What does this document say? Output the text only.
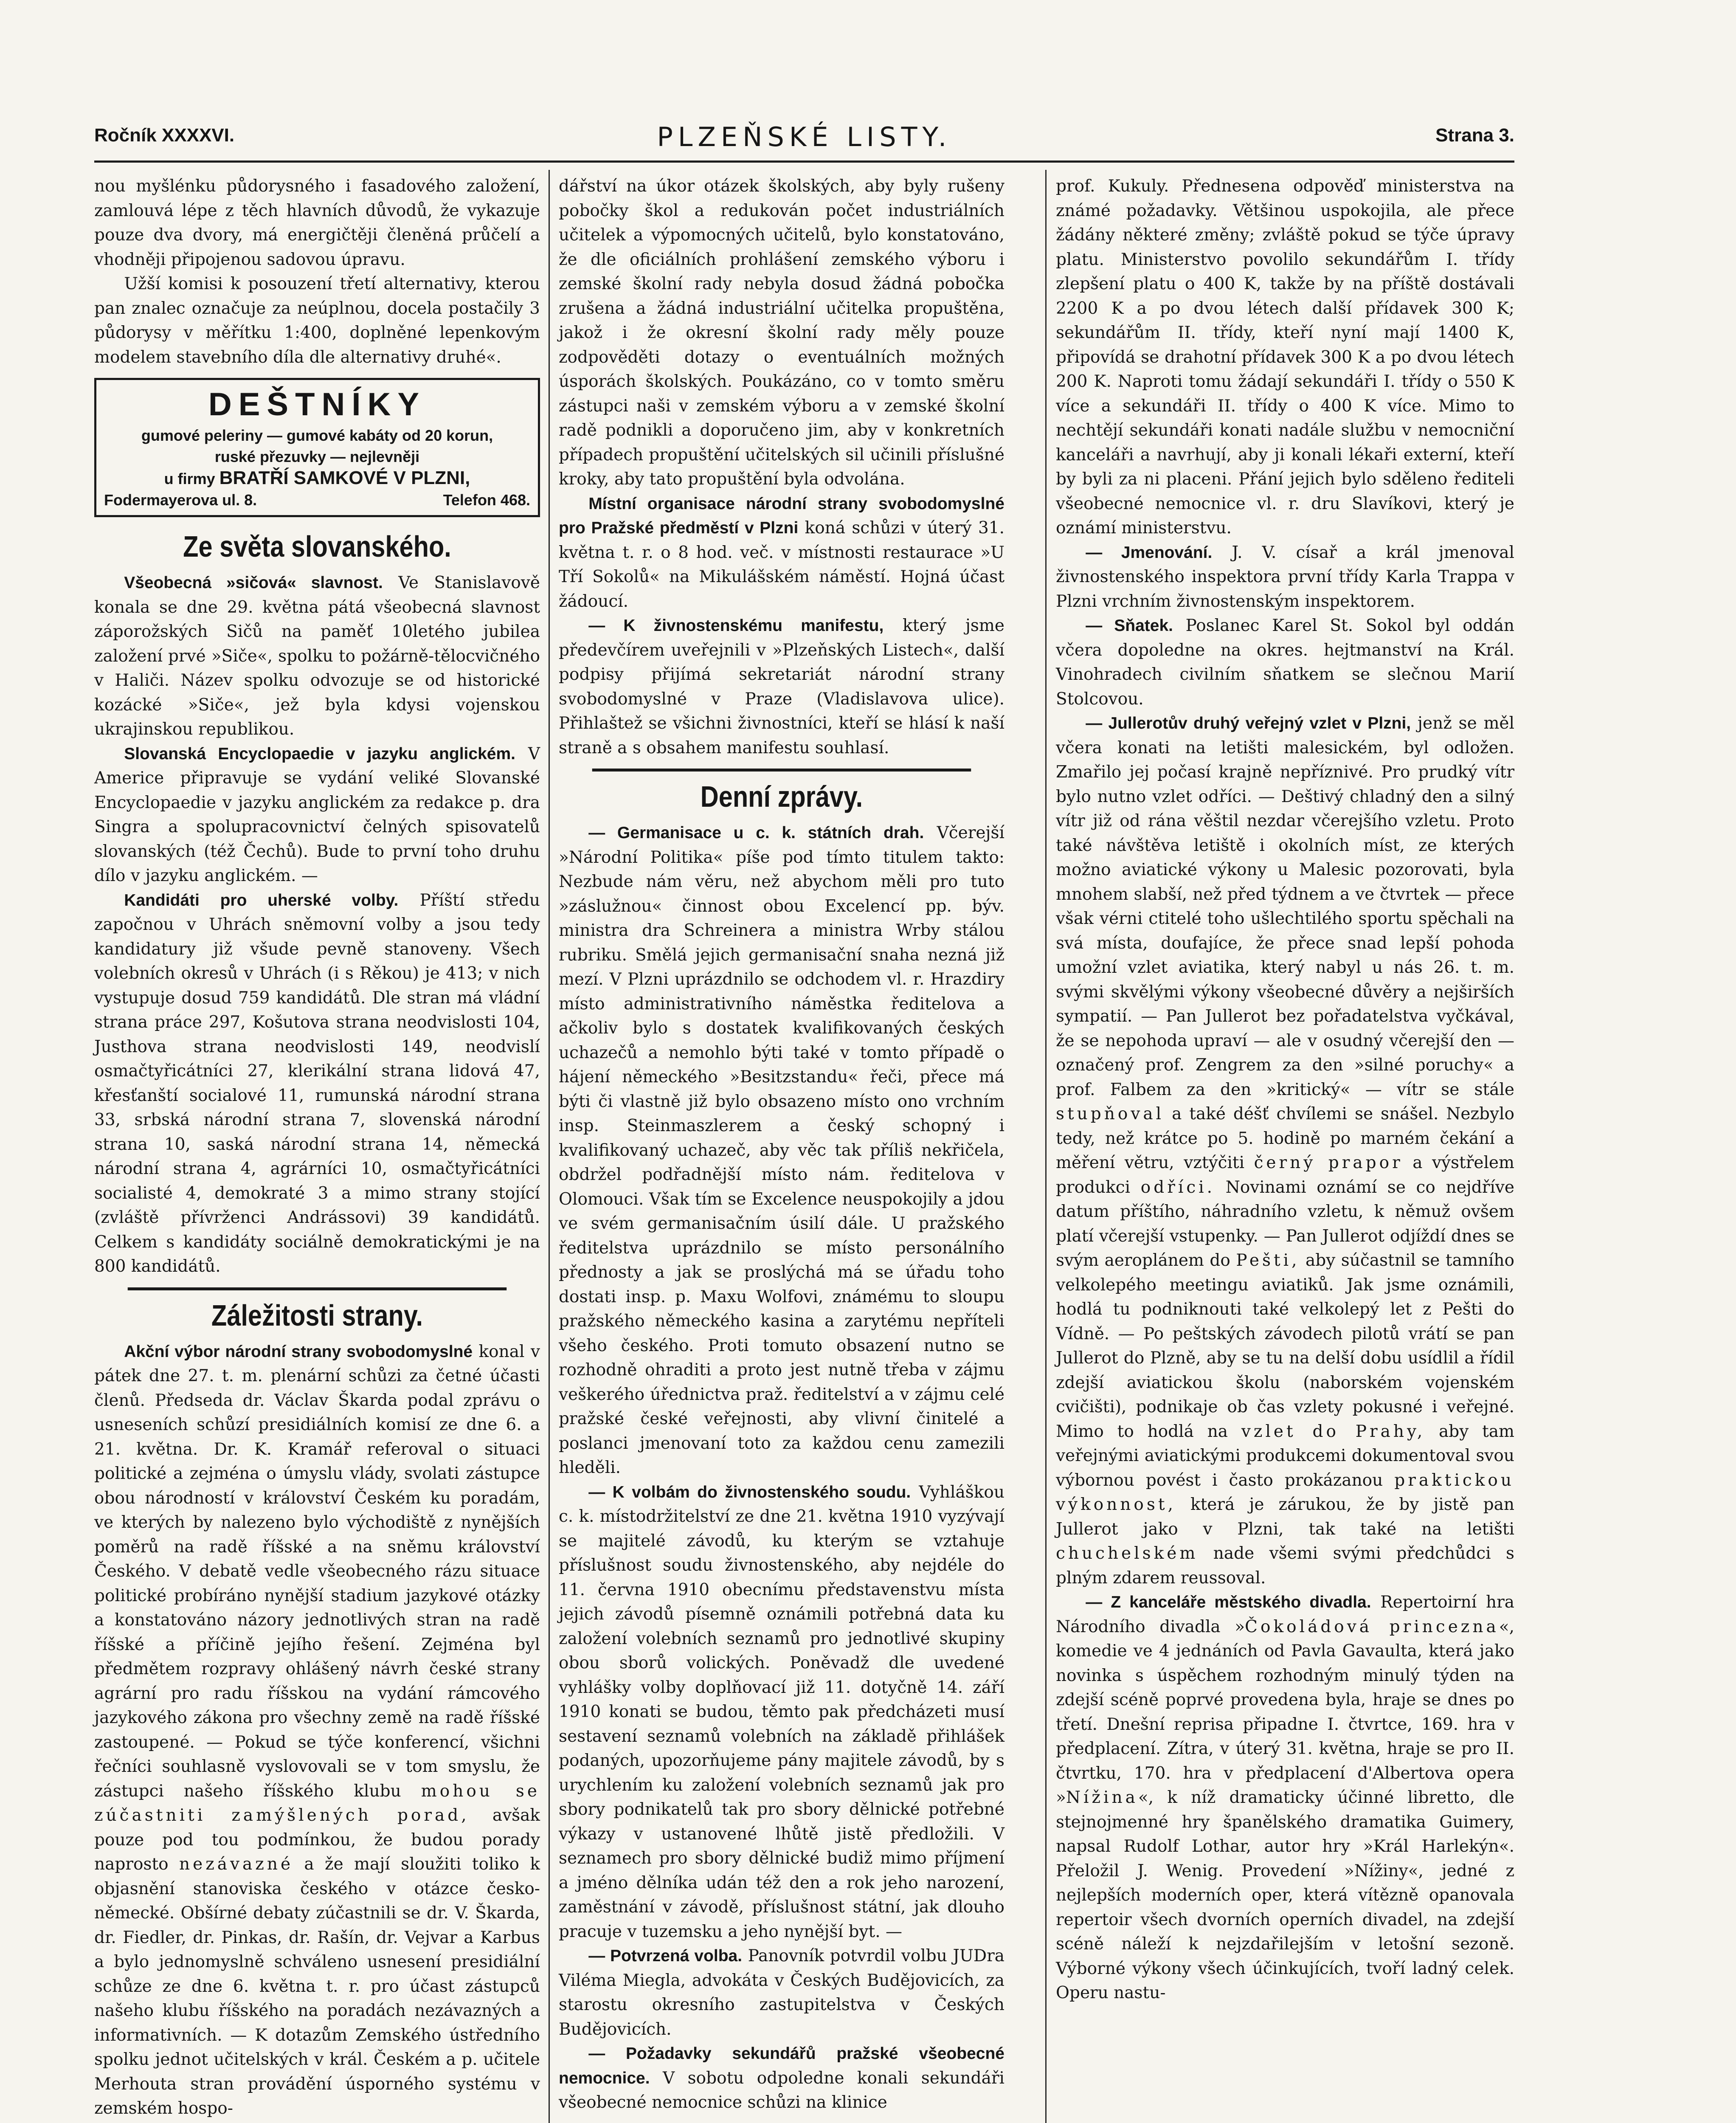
Ročník XXXXVI.	PLZEŇSKÉ LISTY.	Strana 3.

nou myšlénku půdorysného i fasadového založení, zamlouvá lépe z těch hlavních důvodů, že vykazuje pouze dva dvory, má energičtěji členěná průčelí a vhodněji připojenou sadovou úpravu.

Užší komisi k posouzení třetí alternativy, kterou pan znalec označuje za neúplnou, docela postačily 3 půdorysy v měřítku 1:400, doplněné lepenkovým modelem stavebního díla dle alternativy druhé«.

DEŠTNÍKY
gumové peleriny — gumové kabáty od 20 korun,
ruské přezuvky — nejlevněji
u firmy BRATŘÍ SAMKOVÉ V PLZNI,
Fodermayerova ul. 8.	Telefon 468.
Ze světa slovanského.

Všeobecná »sičová« slavnost. Ve Stanislavově konala se dne 29. května pátá všeobecná slavnost záporožských Sičů na paměť 10letého jubilea založení prvé »Siče«, spolku to požárně-tělocvičného v Haliči. Název spolku odvozuje se od historické kozácké »Siče«, jež byla kdysi vojenskou ukrajinskou republikou.

Slovanská Encyclopaedie v jazyku anglickém. V Americe připravuje se vydání veliké Slovanské Encyclopaedie v jazyku anglickém za redakce p. dra Singra a spolupracovnictví čelných spisovatelů slovanských (též Čechů). Bude to první toho druhu dílo v jazyku anglickém. —

Kandidáti pro uherské volby. Příští středu započnou v Uhrách sněmovní volby a jsou tedy kandidatury již všude pevně stanoveny. Všech volebních okresů v Uhrách (i s Rěkou) je 413; v nich vystupuje dosud 759 kandidátů. Dle stran má vládní strana práce 297, Košutova strana neodvislosti 104, Justhova strana neodvislosti 149, neodvislí osmačtyřicátníci 27, klerikální strana lidová 47, křesťanští socialové 11, rumunská národní strana 33, srbská národní strana 7, slovenská národní strana 10, saská národní strana 14, německá národní strana 4, agrárníci 10, osmačtyřicátníci socialisté 4, demokraté 3 a mimo strany stojící (zvláště přívrženci Andrássovi) 39 kandidátů. Celkem s kandidáty sociálně demokratickými je na 800 kandidátů.

Záležitosti strany.

Akční výbor národní strany svobodomyslné konal v pátek dne 27. t. m. plenární schůzi za četné účasti členů. Předseda dr. Václav Škarda podal zprávu o usneseních schůzí presidiálních komisí ze dne 6. a 21. května. Dr. K. Kramář referoval o situaci politické a zejména o úmyslu vlády, svolati zástupce obou národností v království Českém ku poradám, ve kterých by nalezeno bylo východiště z nynějších poměrů na radě říšské a na sněmu království Českého. V debatě vedle všeobecného rázu situace politické probíráno nynější stadium jazykové otázky a konstatováno názory jednotlivých stran na radě říšské a příčině jejího řešení. Zejména byl předmětem rozpravy ohlášený návrh české strany agrární pro radu říšskou na vydání rámcového jazykového zákona pro všechny země na radě říšské zastoupené. — Pokud se týče konferencí, všichni řečníci souhlasně vyslovovali se v tom smyslu, že zástupci našeho říšského klubu mohou se zúčastniti zamýšlených porad, avšak pouze pod tou podmínkou, že budou porady naprosto nezávazné a že mají sloužiti toliko k objasnění stanoviska českého v otázce česko-německé. Obšírné debaty zúčastnili se dr. V. Škarda, dr. Fiedler, dr. Pinkas, dr. Rašín, dr. Vejvar a Karbus a bylo jednomyslně schváleno usnesení presidiální schůze ze dne 6. května t. r. pro účast zástupců našeho klubu říšského na poradách nezávazných a informativních. — K dotazům Zemského ústředního spolku jednot učitelských v král. Českém a p. učitele Merhouta stran provádění úsporného systému v zemském hospo-

dářství na úkor otázek školských, aby byly rušeny pobočky škol a redukován počet industriálních učitelek a výpomocných učitelů, bylo konstatováno, že dle oficiálních prohlášení zemského výboru i zemské školní rady nebyla dosud žádná pobočka zrušena a žádná industriální učitelka propuštěna, jakož i že okresní školní rady měly pouze zodpověděti dotazy o eventuálních možných úsporách školských. Poukázáno, co v tomto směru zástupci naši v zemském výboru a v zemské školní radě podnikli a doporučeno jim, aby v konkretních případech propuštění učitelských sil učinili příslušné kroky, aby tato propuštění byla odvolána.

Místní organisace národní strany svobodomyslné pro Pražské předměstí v Plzni koná schůzi v úterý 31. května t. r. o 8 hod. več. v místnosti restaurace »U Tří Sokolů« na Mikulášském náměstí. Hojná účast žádoucí.

— K živnostenskému manifestu, který jsme předevčírem uveřejnili v »Plzeňských Listech«, další podpisy přijímá sekretariát národní strany svobodomyslné v Praze (Vladislavova ulice). Přihlaštež se všichni živnostníci, kteří se hlásí k naší straně a s obsahem manifestu souhlasí.

Denní zprávy.

— Germanisace u c. k. státních drah. Včerejší »Národní Politika« píše pod tímto titulem takto: Nezbude nám věru, než abychom měli pro tuto »záslužnou« činnost obou Excelencí pp. býv. ministra dra Schreinera a ministra Wrby stálou rubriku. Smělá jejich germanisační snaha nezná již mezí. V Plzni uprázdnilo se odchodem vl. r. Hrazdiry místo administrativního náměstka ředitelova a ačkoliv bylo s dostatek kvalifikovaných českých uchazečů a nemohlo býti také v tomto případě o hájení německého »Besitzstandu« řeči, přece má býti či vlastně již bylo obsazeno místo ono vrchním insp. Steinmaszlerem a český schopný i kvalifikovaný uchazeč, aby věc tak příliš nekřičela, obdržel podřadnější místo nám. ředitelova v Olomouci. Však tím se Excelence neuspokojily a jdou ve svém germanisačním úsilí dále. U pražského ředitelstva uprázdnilo se místo personálního přednosty a jak se proslýchá má se úřadu toho dostati insp. p. Maxu Wolfovi, známému to sloupu pražského německého kasina a zarytému nepříteli všeho českého. Proti tomuto obsazení nutno se rozhodně ohraditi a proto jest nutně třeba v zájmu veškerého úřednictva praž. ředitelství a v zájmu celé pražské české veřejnosti, aby vlivní činitelé a poslanci jmenovaní toto za každou cenu zamezili hleděli.

— K volbám do živnostenského soudu. Vyhláškou c. k. místodržitelství ze dne 21. května 1910 vyzývají se majitelé závodů, ku kterým se vztahuje příslušnost soudu živnostenského, aby nejdéle do 11. června 1910 obecnímu představenstvu místa jejich závodů písemně oznámili potřebná data ku založení volebních seznamů pro jednotlivé skupiny obou sborů volických. Poněvadž dle uvedené vyhlášky volby doplňovací již 11. dotyčně 14. září 1910 konati se budou, těmto pak předcházeti musí sestavení seznamů volebních na základě přihlášek podaných, upozorňujeme pány majitele závodů, by s urychlením ku založení volebních seznamů jak pro sbory podnikatelů tak pro sbory dělnické potřebné výkazy v ustanovené lhůtě jistě předložili. V seznamech pro sbory dělnické budiž mimo příjmení a jméno dělníka udán též den a rok jeho narození, zaměstnání v závodě, příslušnost státní, jak dlouho pracuje v tuzemsku a jeho nynější byt. —

— Potvrzená volba. Panovník potvrdil volbu JUDra Viléma Miegla, advokáta v Českých Budějovicích, za starostu okresního zastupitelstva v Českých Budějovicích.

— Požadavky sekundářů pražské všeobecné nemocnice. V sobotu odpoledne konali sekundáři všeobecné nemocnice schůzi na klinice

prof. Kukuly. Přednesena odpověď ministerstva na známé požadavky. Většinou uspokojila, ale přece žádány některé změny; zvláště pokud se týče úpravy platu. Ministerstvo povolilo sekundářům I. třídy zlepšení platu o 400 K, takže by na příště dostávali 2200 K a po dvou létech další přídavek 300 K; sekundářům II. třídy, kteří nyní mají 1400 K, připovídá se drahotní přídavek 300 K a po dvou létech 200 K. Naproti tomu žádají sekundáři I. třídy o 550 K více a sekundáři II. třídy o 400 K více. Mimo to nechtějí sekundáři konati nadále službu v nemocniční kanceláři a navrhují, aby ji konali lékaři externí, kteří by byli za ni placeni. Přání jejich bylo sděleno řediteli všeobecné nemocnice vl. r. dru Slavíkovi, který je oznámí ministerstvu.

— Jmenování. J. V. císař a král jmenoval živnostenského inspektora první třídy Karla Trappa v Plzni vrchním živnostenským inspektorem.

— Sňatek. Poslanec Karel St. Sokol byl oddán včera dopoledne na okres. hejtmanství na Král. Vinohradech civilním sňatkem se slečnou Marií Stolcovou.

— Jullerotův druhý veřejný vzlet v Plzni, jenž se měl včera konati na letišti malesickém, byl odložen. Zmařilo jej počasí krajně nepříznivé. Pro prudký vítr bylo nutno vzlet odříci. — Deštivý chladný den a silný vítr již od rána věštil nezdar včerejšího vzletu. Proto také návštěva letiště i okolních míst, ze kterých možno aviatické výkony u Malesic pozorovati, byla mnohem slabší, než před týdnem a ve čtvrtek — přece však vérni ctitelé toho ušlechtilého sportu spěchali na svá místa, doufajíce, že přece snad lepší pohoda umožní vzlet aviatika, který nabyl u nás 26. t. m. svými skvělými výkony všeobecné důvěry a nejširších sympatií. — Pan Jullerot bez pořadatelstva vyčkával, že se nepohoda upraví — ale v osudný včerejší den — označený prof. Zengrem za den »silné poruchy« a prof. Falbem za den »kritický« — vítr se stále stupňoval a také déšť chvílemi se snášel. Nezbylo tedy, než krátce po 5. hodině po marném čekání a měření větru, vztýčiti černý prapor a výstřelem produkci odříci. Novinami oznámí se co nejdříve datum příštího, náhradního vzletu, k němuž ovšem platí včerejší vstupenky. — Pan Jullerot odjíždí dnes se svým aeroplánem do Pešti, aby súčastnil se tamního velkolepého meetingu aviatiků. Jak jsme oznámili, hodlá tu podniknouti také velkolepý let z Pešti do Vídně. — Po peštských závodech pilotů vrátí se pan Jullerot do Plzně, aby se tu na delší dobu usídlil a řídil zdejší aviatickou školu (naborském vojenském cvičišti), podnikaje ob čas vzlety pokusné i veřejné. Mimo to hodlá na vzlet do Prahy, aby tam veřejnými aviatickými produkcemi dokumentoval svou výbornou povést i často prokázanou praktickou výkonnost, která je zárukou, že by jistě pan Jullerot jako v Plzni, tak také na letišti chuchelském nade všemi svými předchůdci s plným zdarem reussoval.

— Z kanceláře městského divadla. Repertoirní hra Národního divadla »Čokoládová princezna«, komedie ve 4 jednáních od Pavla Gavaulta, která jako novinka s úspěchem rozhodným minulý týden na zdejší scéně poprvé provedena byla, hraje se dnes po třetí. Dnešní reprisa připadne I. čtvrtce, 169. hra v předplacení. Zítra, v úterý 31. května, hraje se pro II. čtvrtku, 170. hra v předplacení d'Albertova opera »Nížina«, k níž dramaticky účinné libretto, dle stejnojmenné hry španělského dramatika Guimery, napsal Rudolf Lothar, autor hry »Král Harlekýn«. Přeložil J. Wenig. Provedení »Nížiny«, jedné z nejlepších moderních oper, která vítězně opanovala repertoir všech dvorních operních divadel, na zdejší scéně náleží k nejzdařilejším v letošní sezoně. Výborné výkony všech účinkujících, tvoří ladný celek. Operu nastu-
